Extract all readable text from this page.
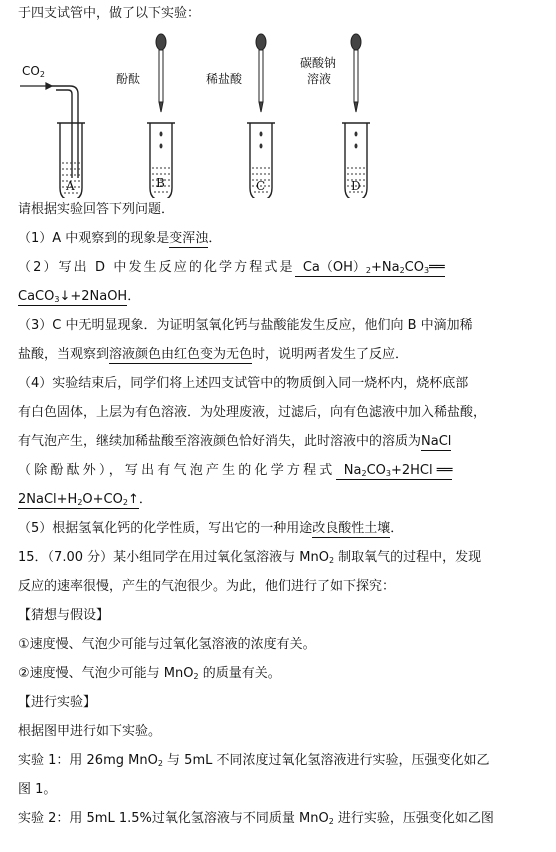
于四支试管中，做了以下实验：
$CO_2$	酚酞	稀盐酸
碳酸钠
溶液
A	B	C	D
请根据实验回答下列问题．
（1）A 中观察到的现象是变浑浊．
（2）写出 D 中发生反应的化学方程式是 $Ca(OH)_2+Na_2CO_3══$
CaCO$_3$↓+2NaOH．
（3）C 中无明显现象．为证明氢氧化钙与盐酸能发生反应，他们向 B 中滴加稀
盐酸，当观察到溶液颜色由红色变为无色时，说明两者发生了反应．
（4）实验结束后，同学们将上述四支试管中的物质倒入同一烧杯内，烧杯底部
有白色固体，上层为有色溶液．为处理废液，过滤后，向有色滤液中加入稀盐酸，
有气泡产生，继续加稀盐酸至溶液颜色恰好消失，此时溶液中的溶质为NaCl
（除酚酞外），写出有气泡产生的化学方程式 $Na_2CO_3+2HCl$ ══
$2NaCl+H_2O+CO_2↑$．
（5）根据氢氧化钙的化学性质，写出它的一种用途改良酸性土壤．
15．（7.00 分）某小组同学在用过氧化氢溶液与 MnO$_2$ 制取氧气的过程中，发现
反应的速率很慢，产生的气泡很少。为此，他们进行了如下探究：
【猜想与假设】
①速度慢、气泡少可能与过氧化氢溶液的浓度有关。
②速度慢、气泡少可能与 MnO$_2$ 的质量有关。
【进行实验】
根据图甲进行如下实验。
实验 1：用 26mg MnO$_2$ 与 5mL 不同浓度过氧化氢溶液进行实验，压强变化如乙
图 1。
实验 2：用 5mL 1.5%过氧化氢溶液与不同质量 MnO$_2$ 进行实验，压强变化如乙图
